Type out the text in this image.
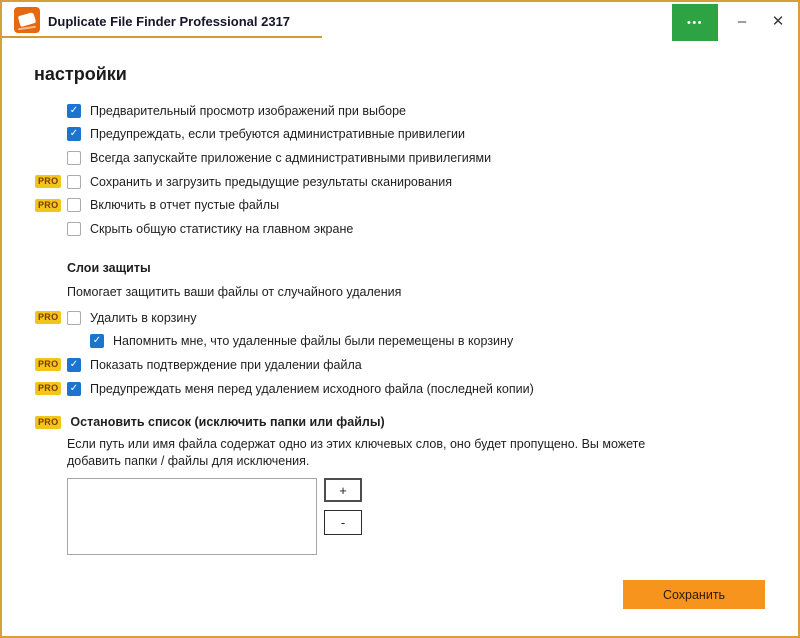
Duplicate File Finder Professional 2317	•••	–	✕
настройки
✓ Предварительный просмотр изображений при выборе
✓ Предупреждать, если требуются административные привилегии
Всегда запускайте приложение с административными привилегиями
PRO	Сохранить и загрузить предыдущие результаты сканирования
PRO	Включить в отчет пустые файлы
Скрыть общую статистику на главном экране
Слои защиты
Помогает защитить ваши файлы от случайного удаления
PRO	Удалить в корзину
✓ Напомнить мне, что удаленные файлы были перемещены в корзину
PRO	✓ Показать подтверждение при удалении файла
PRO	✓ Предупреждать меня перед удалением исходного файла (последней копии)
PRO Остановить список (исключить папки или файлы)
Если путь или имя файла содержат одно из этих ключевых слов, оно будет пропущено. Вы можете добавить папки / файлы для исключения.
+
-
Сохранить
